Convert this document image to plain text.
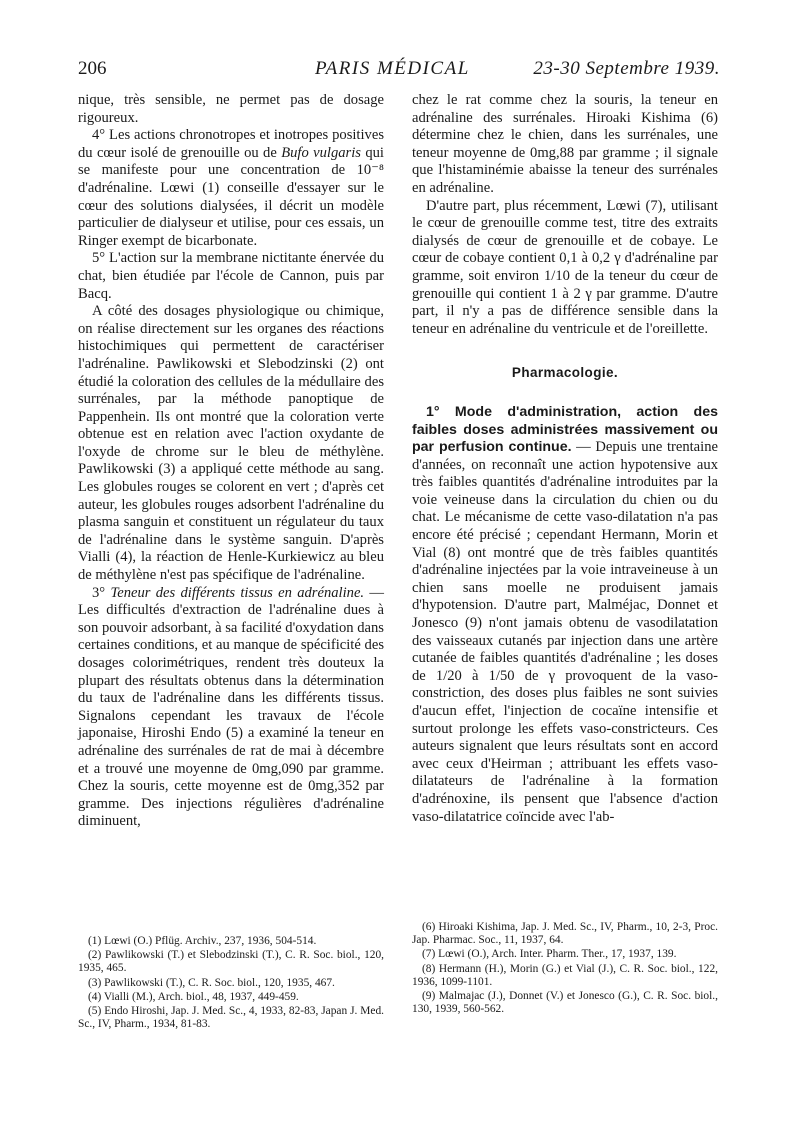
206	PARIS MÉDICAL	23-30 Septembre 1939.

nique, très sensible, ne permet pas de dosage rigoureux.

4° Les actions chronotropes et inotropes positives du cœur isolé de grenouille ou de Bufo vulgaris qui se manifeste pour une concentration de 10⁻⁸ d'adrénaline. Lœwi (1) conseille d'essayer sur le cœur des solutions dialysées, il décrit un modèle particulier de dialyseur et utilise, pour ces essais, un Ringer exempt de bicarbonate.

5° L'action sur la membrane nictitante énervée du chat, bien étudiée par l'école de Cannon, puis par Bacq.

A côté des dosages physiologique ou chimique, on réalise directement sur les organes des réactions histochimiques qui permettent de caractériser l'adrénaline. Pawlikowski et Slebodzinski (2) ont étudié la coloration des cellules de la médullaire des surrénales, par la méthode panoptique de Pappenhein. Ils ont montré que la coloration verte obtenue est en relation avec l'action oxydante de l'oxyde de chrome sur le bleu de méthylène. Pawlikowski (3) a appliqué cette méthode au sang. Les globules rouges se colorent en vert ; d'après cet auteur, les globules rouges adsorbent l'adrénaline du plasma sanguin et constituent un régulateur du taux de l'adrénaline dans le système sanguin. D'après Vialli (4), la réaction de Henle-Kurkiewicz au bleu de méthylène n'est pas spécifique de l'adrénaline.

3° Teneur des différents tissus en adrénaline. — Les difficultés d'extraction de l'adrénaline dues à son pouvoir adsorbant, à sa facilité d'oxydation dans certaines conditions, et au manque de spécificité des dosages colorimétriques, rendent très douteux la plupart des résultats obtenus dans la détermination du taux de l'adrénaline dans les différents tissus. Signalons cependant les travaux de l'école japonaise, Hiroshi Endo (5) a examiné la teneur en adrénaline des surrénales de rat de mai à décembre et a trouvé une moyenne de 0mg,090 par gramme. Chez la souris, cette moyenne est de 0mg,352 par gramme. Des injections régulières d'adrénaline diminuent,

chez le rat comme chez la souris, la teneur en adrénaline des surrénales. Hiroaki Kishima (6) détermine chez le chien, dans les surrénales, une teneur moyenne de 0mg,88 par gramme ; il signale que l'histaminémie abaisse la teneur des surrénales en adrénaline.

D'autre part, plus récemment, Lœwi (7), utilisant le cœur de grenouille comme test, titre des extraits dialysés de cœur de grenouille et de cobaye. Le cœur de cobaye contient 0,1 à 0,2 γ d'adrénaline par gramme, soit environ 1/10 de la teneur du cœur de grenouille qui contient 1 à 2 γ par gramme. D'autre part, il n'y a pas de différence sensible dans la teneur en adrénaline du ventricule et de l'oreillette.

Pharmacologie.

1° Mode d'administration, action des faibles doses administrées massivement ou par perfusion continue. — Depuis une trentaine d'années, on reconnaît une action hypotensive aux très faibles quantités d'adrénaline introduites par la voie veineuse dans la circulation du chien ou du chat. Le mécanisme de cette vaso-dilatation n'a pas encore été précisé ; cependant Hermann, Morin et Vial (8) ont montré que de très faibles quantités d'adrénaline injectées par la voie intraveineuse à un chien sans moelle ne produisent jamais d'hypotension. D'autre part, Malméjac, Donnet et Jonesco (9) n'ont jamais obtenu de vasodilatation des vaisseaux cutanés par injection dans une artère cutanée de faibles quantités d'adrénaline ; les doses de 1/20 à 1/50 de γ provoquent de la vaso-constriction, des doses plus faibles ne sont suivies d'aucun effet, l'injection de cocaïne intensifie et surtout prolonge les effets vaso-constricteurs. Ces auteurs signalent que leurs résultats sont en accord avec ceux d'Heirman ; attribuant les effets vaso-dilatateurs de l'adrénaline à la formation d'adrénoxine, ils pensent que l'absence d'action vaso-dilatatrice coïncide avec l'ab-

(1) Lœwi (O.) Pflüg. Archiv., 237, 1936, 504-514.

(2) Pawlikowski (T.) et Slebodzinski (T.), C. R. Soc. biol., 120, 1935, 465.

(3) Pawlikowski (T.), C. R. Soc. biol., 120, 1935, 467.

(4) Vialli (M.), Arch. biol., 48, 1937, 449-459.

(5) Endo Hiroshi, Jap. J. Med. Sc., 4, 1933, 82-83, Japan J. Med. Sc., IV, Pharm., 1934, 81-83.

(6) Hiroaki Kishima, Jap. J. Med. Sc., IV, Pharm., 10, 2-3, Proc. Jap. Pharmac. Soc., 11, 1937, 64.

(7) Lœwi (O.), Arch. Inter. Pharm. Ther., 17, 1937, 139.

(8) Hermann (H.), Morin (G.) et Vial (J.), C. R. Soc. biol., 122, 1936, 1099-1101.

(9) Malmajac (J.), Donnet (V.) et Jonesco (G.), C. R. Soc. biol., 130, 1939, 560-562.
